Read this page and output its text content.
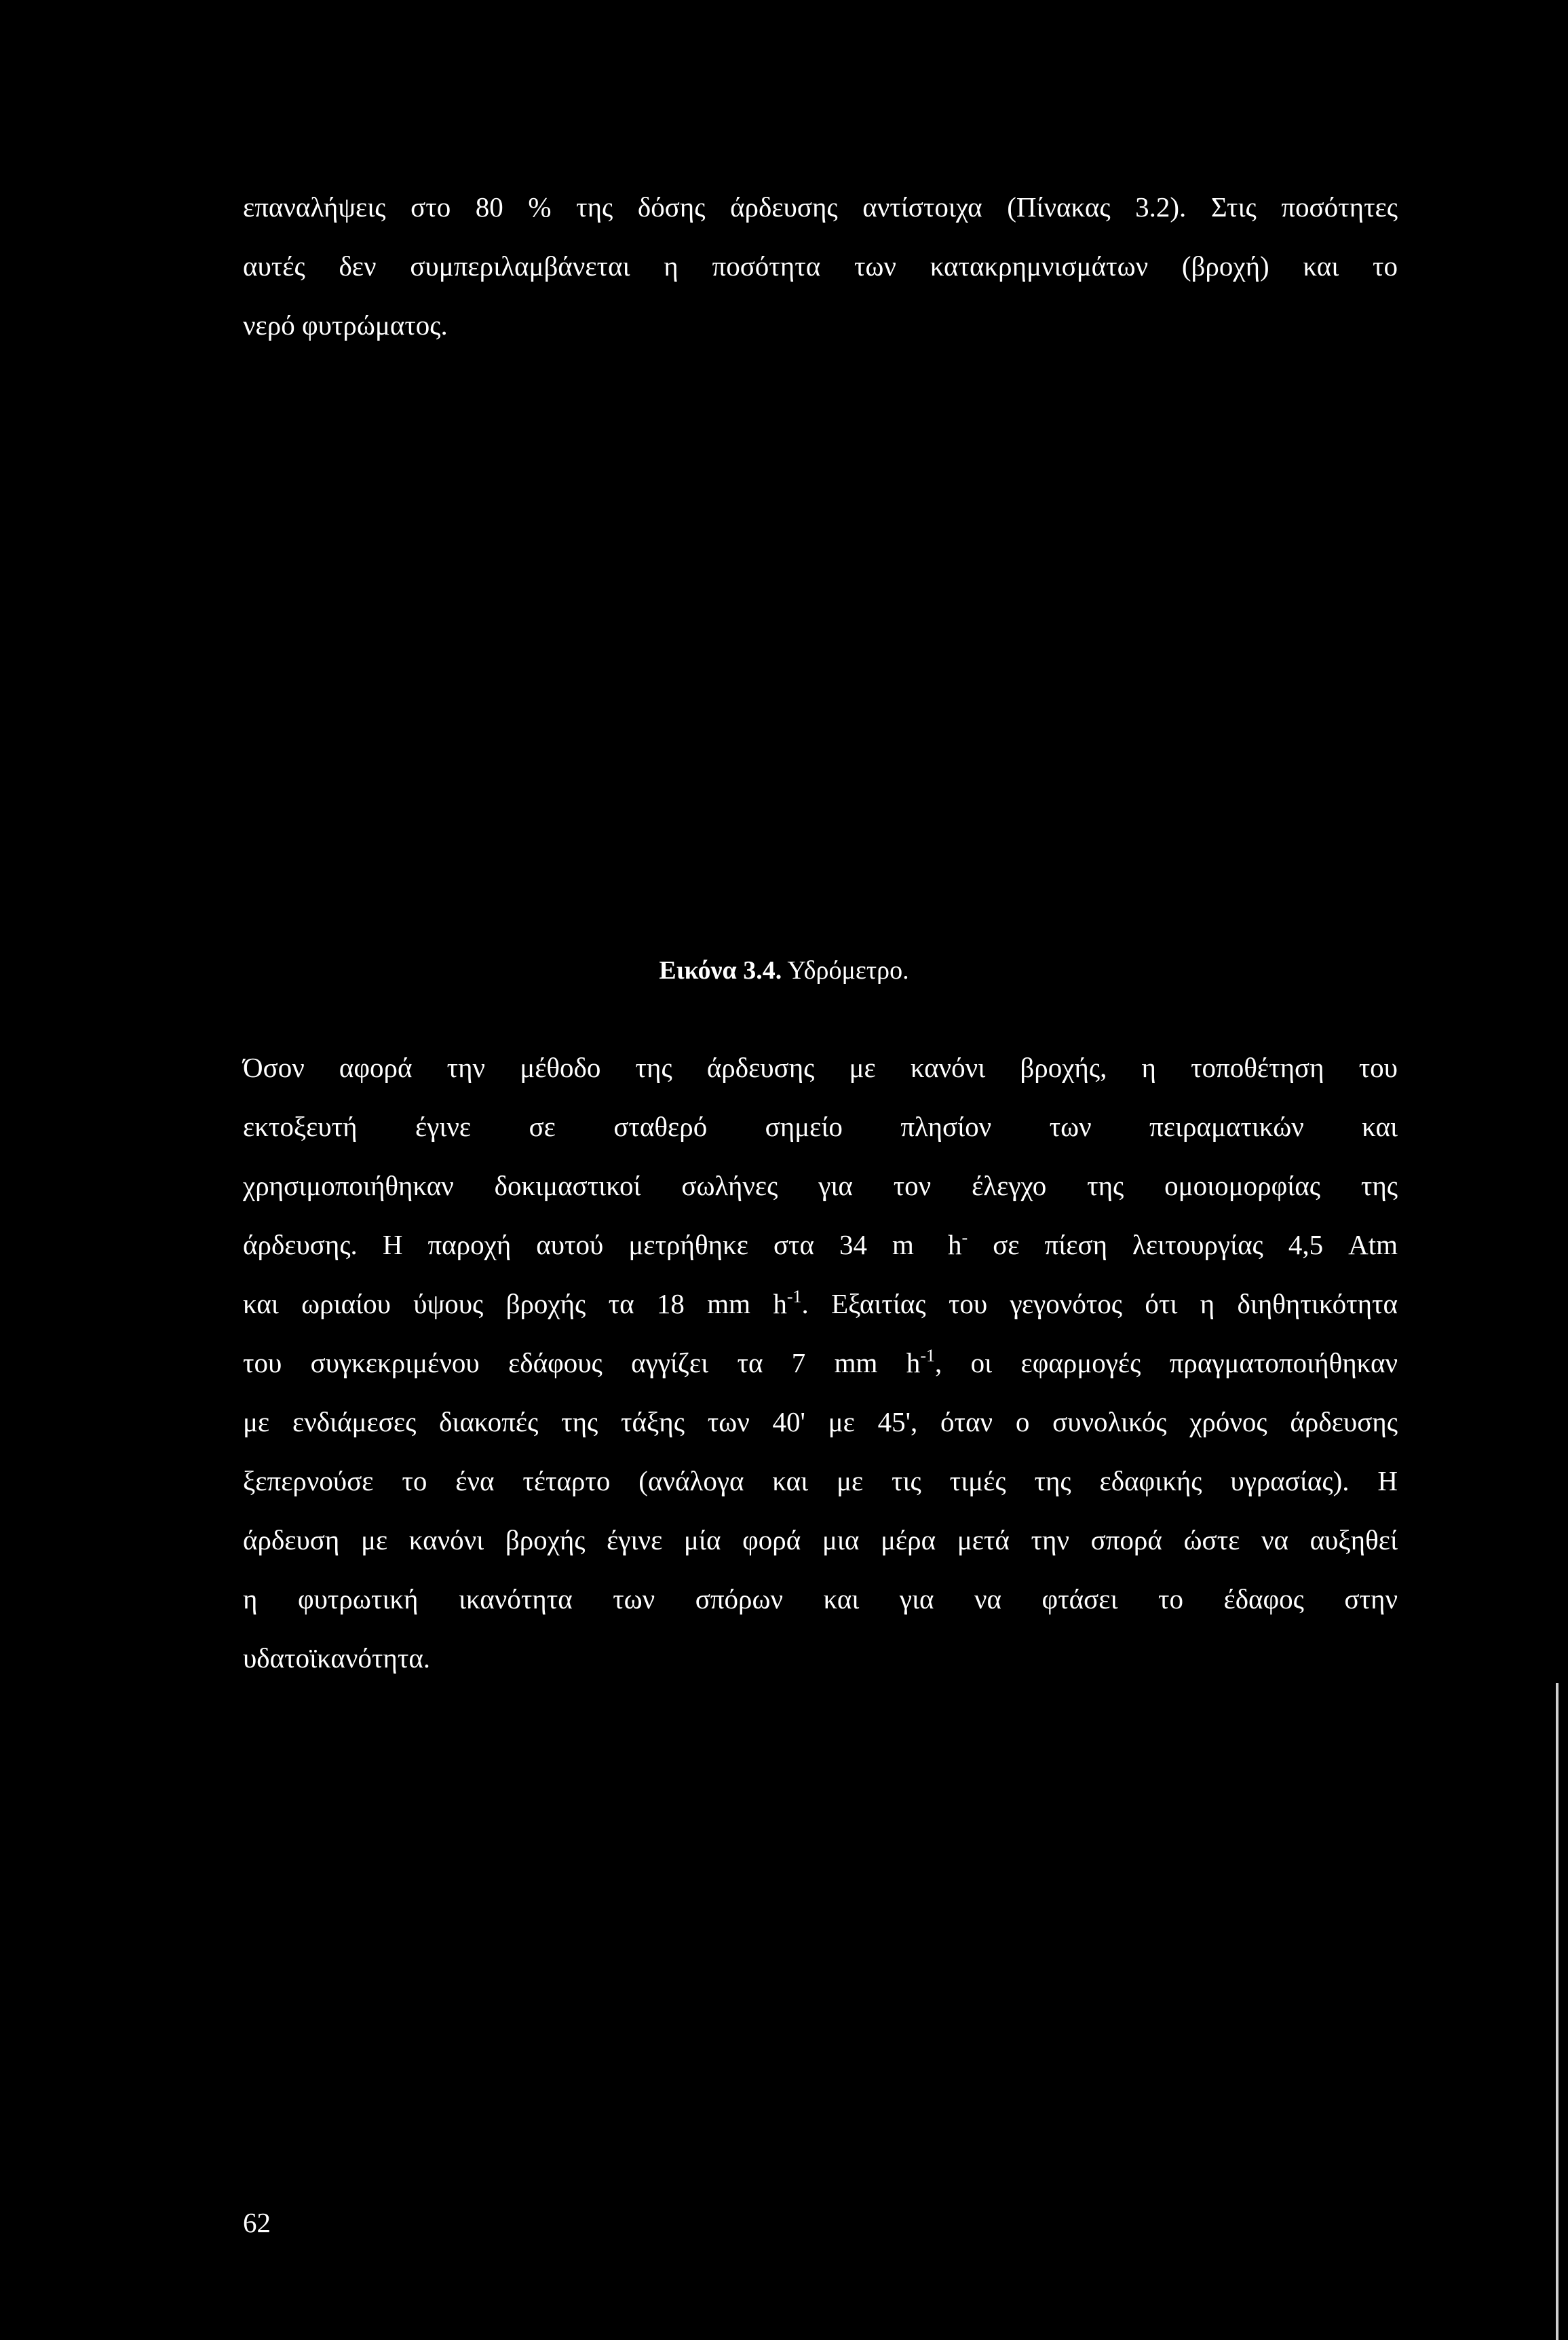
επαναλήψεις στο 80 % της δόσης άρδευσης αντίστοιχα (Πίνακας 3.2). Στις ποσότητες
αυτές δεν συμπεριλαμβάνεται η ποσότητα των κατακρημνισμάτων (βροχή) και το
νερό φυτρώματος.
Εικόνα 3.4. Υδρόμετρο.
Όσον αφορά την μέθοδο της άρδευσης με κανόνι βροχής, η τοποθέτηση του
εκτοξευτή έγινε σε σταθερό σημείο πλησίον των πειραματικών και
χρησιμοποιήθηκαν δοκιμαστικοί σωλήνες για τον έλεγχο της ομοιομορφίας της
άρδευσης. Η παροχή αυτού μετρήθηκε στα 34 m h- σε πίεση λειτουργίας 4,5 Atm
και ωριαίου ύψους βροχής τα 18 mm $h^{-1}$. Εξαιτίας του γεγονότος ότι η διηθητικότητα
του συγκεκριμένου εδάφους αγγίζει τα 7 mm $h^{-1}$, οι εφαρμογές πραγματοποιήθηκαν
με ενδιάμεσες διακοπές της τάξης των 40' με 45', όταν ο συνολικός χρόνος άρδευσης
ξεπερνούσε το ένα τέταρτο (ανάλογα και με τις τιμές της εδαφικής υγρασίας). Η
άρδευση με κανόνι βροχής έγινε μία φορά μια μέρα μετά την σπορά ώστε να αυξηθεί
η φυτρωτική ικανότητα των σπόρων και για να φτάσει το έδαφος στην
υδατοϊκανότητα.
62
